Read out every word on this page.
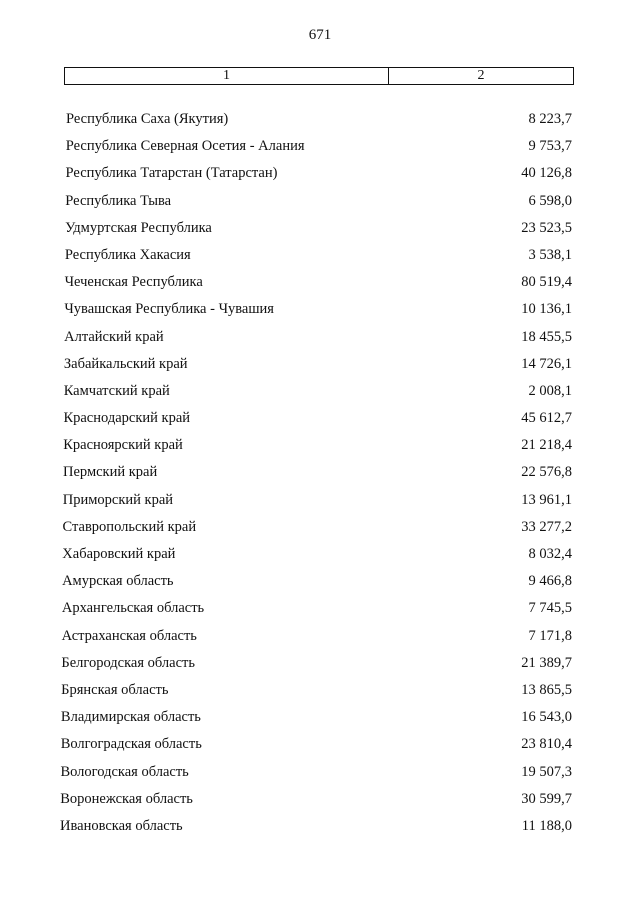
671
1	2
Республика Саха (Якутия)	8 223,7
Республика Северная Осетия - Алания	9 753,7
Республика Татарстан (Татарстан)	40 126,8
Республика Тыва	6 598,0
Удмуртская Республика	23 523,5
Республика Хакасия	3 538,1
Чеченская Республика	80 519,4
Чувашская Республика - Чувашия	10 136,1
Алтайский край	18 455,5
Забайкальский край	14 726,1
Камчатский край	2 008,1
Краснодарский край	45 612,7
Красноярский край	21 218,4
Пермский край	22 576,8
Приморский край	13 961,1
Ставропольский край	33 277,2
Хабаровский край	8 032,4
Амурская область	9 466,8
Архангельская область	7 745,5
Астраханская область	7 171,8
Белгородская область	21 389,7
Брянская область	13 865,5
Владимирская область	16 543,0
Волгоградская область	23 810,4
Вологодская область	19 507,3
Воронежская область	30 599,7
Ивановская область	11 188,0
